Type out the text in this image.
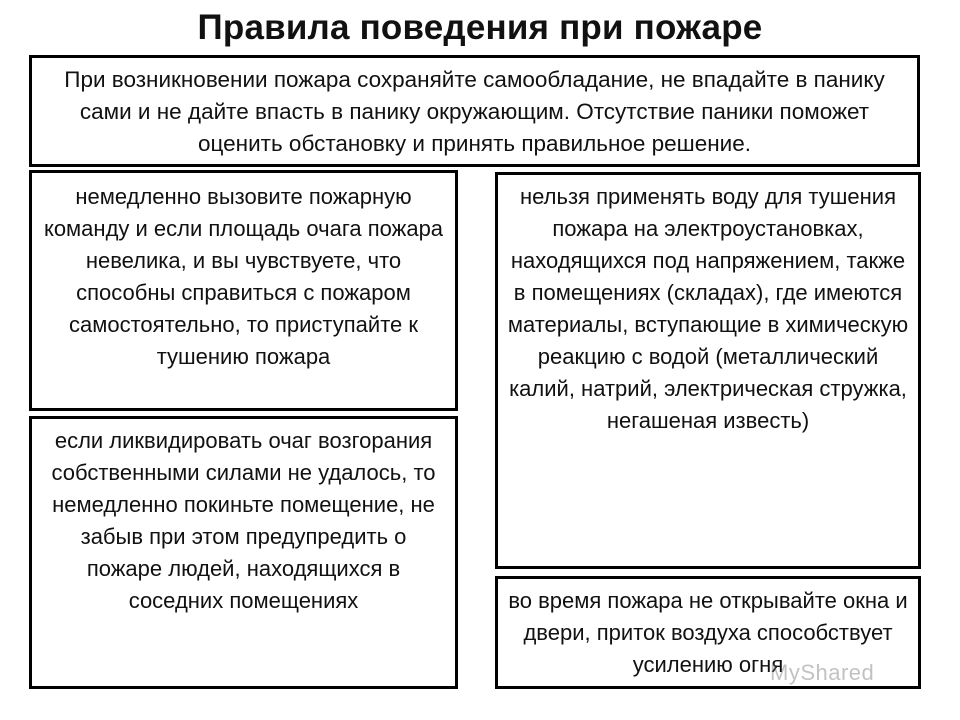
Правила поведения при пожаре

При возникновении пожара сохраняйте самообладание, не впадайте в панику сами и не дайте впасть в панику окружающим. Отсутствие паники поможет оценить обстановку и принять правильное решение.

немедленно вызовите пожарную команду и если площадь очага пожара невелика, и вы чувствуете, что способны справиться с пожаром самостоятельно, то приступайте к тушению пожара

если ликвидировать очаг возгорания собственными силами не удалось, то немедленно покиньте помещение, не забыв при этом предупредить о пожаре людей, находящихся в соседних помещениях

нельзя применять воду для тушения пожара на электроустановках, находящихся под напряжением, также в помещениях (складах), где имеются материалы, вступающие в химическую реакцию с водой (металлический калий, натрий, электрическая стружка, негашеная известь)

во время пожара не открывайте окна и двери, приток воздуха способствует усилению огня

MyShared
